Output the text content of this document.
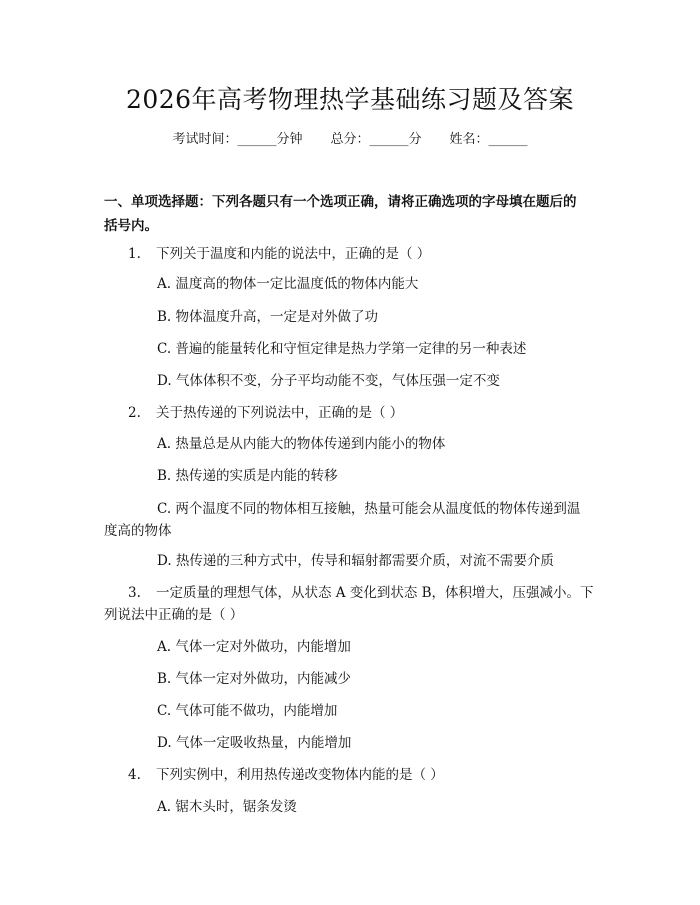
2026年高考物理热学基础练习题及答案
考试时间：______分钟 总分：______分 姓名：______
一、单项选择题：下列各题只有一个选项正确，请将正确选项的字母填在题后的
括号内。
1. 下列关于温度和内能的说法中，正确的是（ ）
A. 温度高的物体一定比温度低的物体内能大
B. 物体温度升高，一定是对外做了功
C. 普遍的能量转化和守恒定律是热力学第一定律的另一种表述
D. 气体体积不变，分子平均动能不变，气体压强一定不变
2. 关于热传递的下列说法中，正确的是（ ）
A. 热量总是从内能大的物体传递到内能小的物体
B. 热传递的实质是内能的转移
C. 两个温度不同的物体相互接触，热量可能会从温度低的物体传递到温
度高的物体
D. 热传递的三种方式中，传导和辐射都需要介质，对流不需要介质
3. 一定质量的理想气体，从状态 A 变化到状态 B，体积增大，压强减小。下
列说法中正确的是（ ）
A. 气体一定对外做功，内能增加
B. 气体一定对外做功，内能减少
C. 气体可能不做功，内能增加
D. 气体一定吸收热量，内能增加
4. 下列实例中，利用热传递改变物体内能的是（ ）
A. 锯木头时，锯条发烫
